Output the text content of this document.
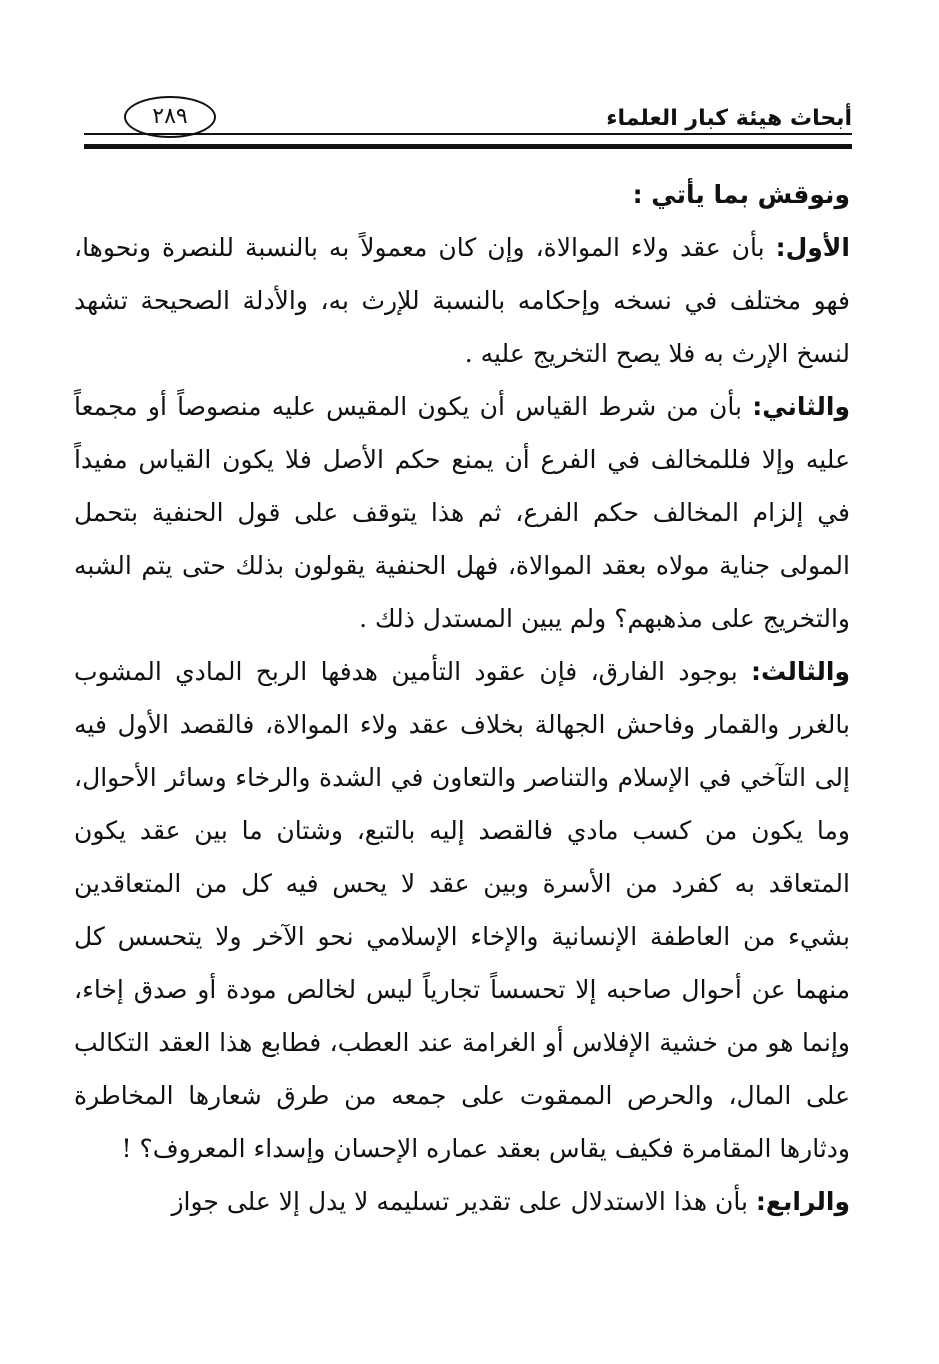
أبحاث هيئة كبار العلماء
٢٨٩

ونوقش بما يأتي :

الأول: بأن عقد ولاء الموالاة، وإن كان معمولاً به بالنسبة للنصرة ونحوها، فهو مختلف في نسخه وإحكامه بالنسبة للإرث به، والأدلة الصحيحة تشهد لنسخ الإرث به فلا يصح التخريج عليه .

والثاني: بأن من شرط القياس أن يكون المقيس عليه منصوصاً أو مجمعاً عليه وإلا فللمخالف في الفرع أن يمنع حكم الأصل فلا يكون القياس مفيداً في إلزام المخالف حكم الفرع، ثم هذا يتوقف على قول الحنفية بتحمل المولى جناية مولاه بعقد الموالاة، فهل الحنفية يقولون بذلك حتى يتم الشبه والتخريج على مذهبهم؟ ولم يبين المستدل ذلك .

والثالث: بوجود الفارق، فإن عقود التأمين هدفها الربح المادي المشوب بالغرر والقمار وفاحش الجهالة بخلاف عقد ولاء الموالاة، فالقصد الأول فيه إلى التآخي في الإسلام والتناصر والتعاون في الشدة والرخاء وسائر الأحوال، وما يكون من كسب مادي فالقصد إليه بالتبع، وشتان ما بين عقد يكون المتعاقد به كفرد من الأسرة وبين عقد لا يحس فيه كل من المتعاقدين بشيء من العاطفة الإنسانية والإخاء الإسلامي نحو الآخر ولا يتحسس كل منهما عن أحوال صاحبه إلا تحسساً تجارياً ليس لخالص مودة أو صدق إخاء، وإنما هو من خشية الإفلاس أو الغرامة عند العطب، فطابع هذا العقد التكالب على المال، والحرص الممقوت على جمعه من طرق شعارها المخاطرة ودثارها المقامرة فكيف يقاس بعقد عماره الإحسان وإسداء المعروف؟ !

والرابع: بأن هذا الاستدلال على تقدير تسليمه لا يدل إلا على جواز
